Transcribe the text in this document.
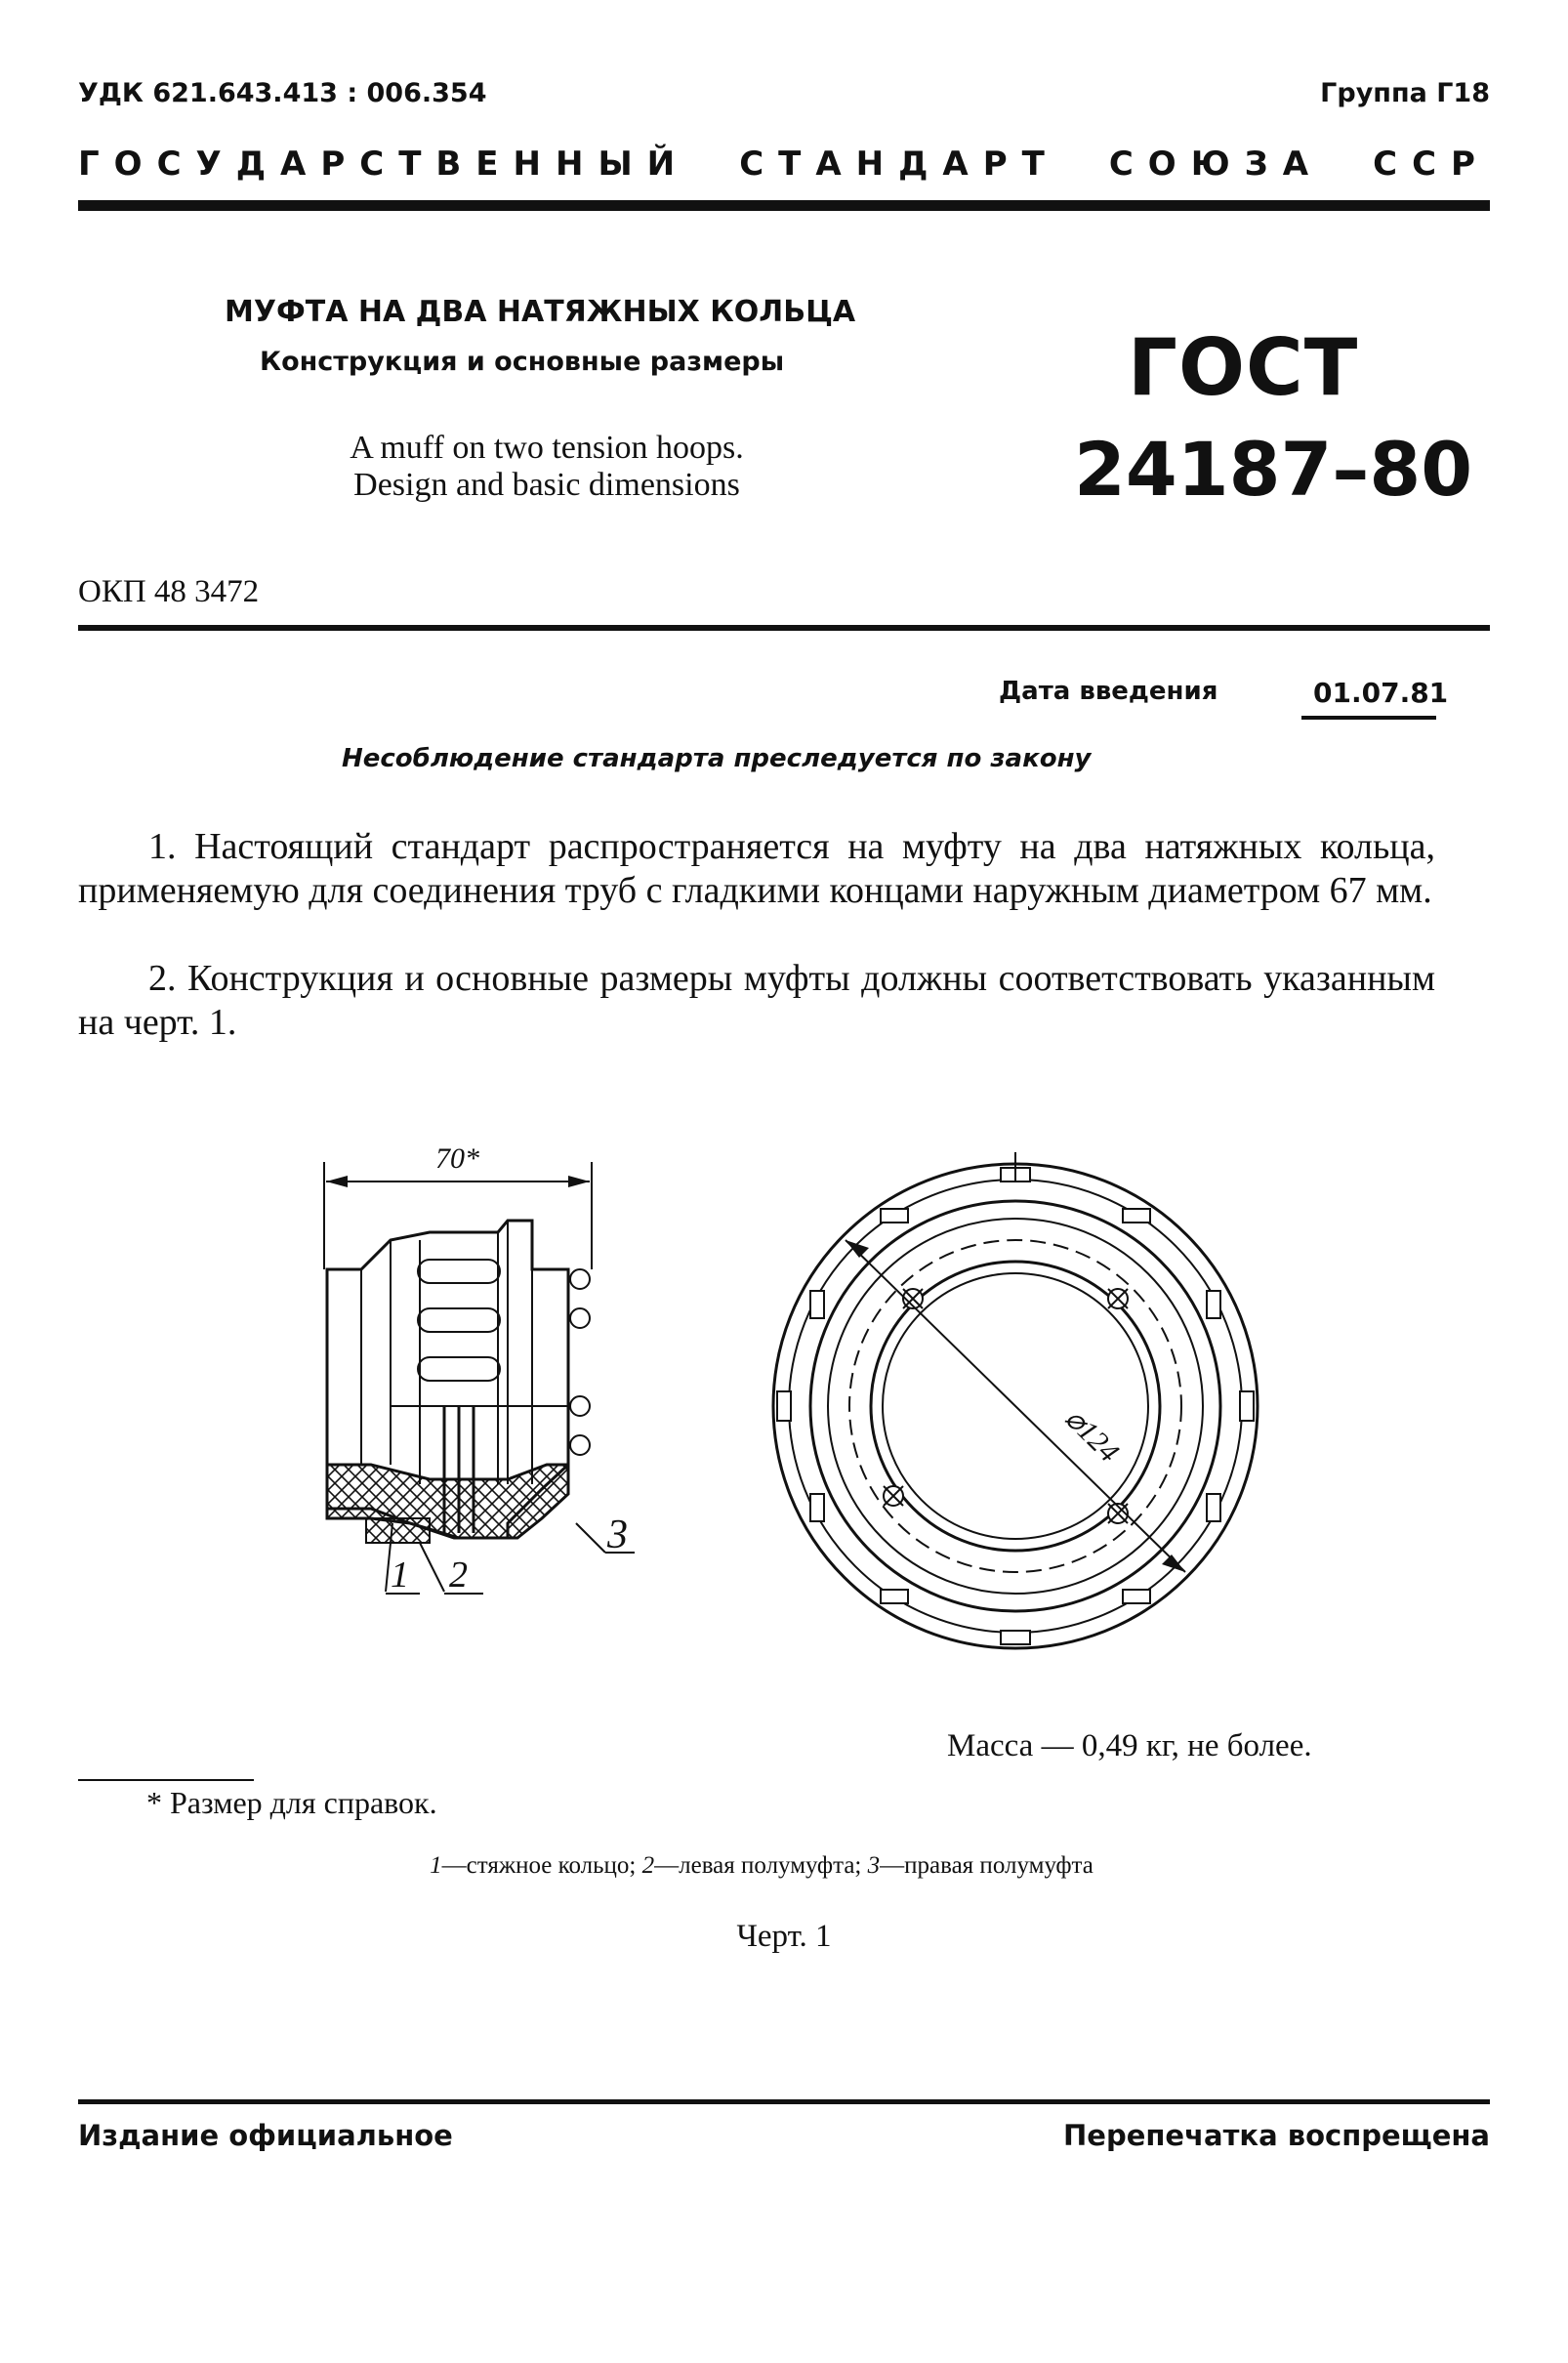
УДК 621.643.413 : 006.354	Группа Г18
ГОСУДАРСТВЕННЫЙ СТАНДАРТ СОЮЗА ССР
МУФТА НА ДВА НАТЯЖНЫХ КОЛЬЦА
Конструкция и основные размеры
A muff on two tension hoops.
Design and basic dimensions
ГОСТ
24187–80
ОКП 48 3472
Дата введения	01.07.81
Несоблюдение стандарта преследуется по закону
1. Настоящий стандарт распространяется на муфту на два натяжных кольца, применяемую для соединения труб с гладкими концами наружным диаметром 67 мм.
2. Конструкция и основные размеры муфты должны соответствовать указанным на черт. 1.
70*
1 2
3
⌀124
Масса — 0,49 кг, не более.
* Размер для справок.
1—стяжное кольцо; 2—левая полумуфта; 3—правая полумуфта
Черт. 1
Издание официальное	Перепечатка воспрещена
